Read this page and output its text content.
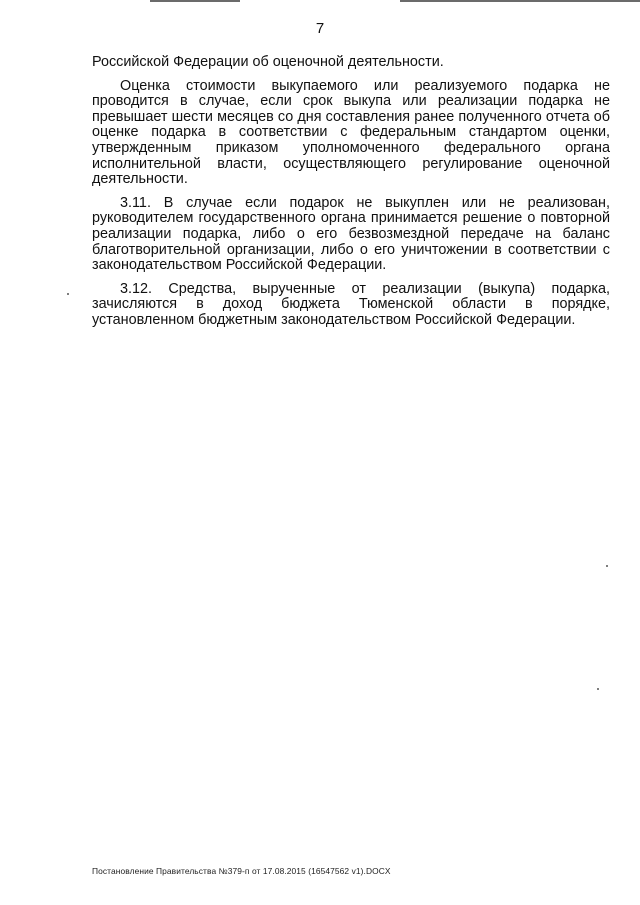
7

Российской Федерации об оценочной деятельности.

Оценка стоимости выкупаемого или реализуемого подарка не проводится в случае, если срок выкупа или реализации подарка не превышает шести месяцев со дня составления ранее полученного отчета об оценке подарка в соответствии с федеральным стандартом оценки, утвержденным приказом уполномоченного федерального органа исполнительной власти, осуществляющего регулирование оценочной деятельности.

3.11. В случае если подарок не выкуплен или не реализован, руководителем государственного органа принимается решение о повторной реализации подарка, либо о его безвозмездной передаче на баланс благотворительной организации, либо о его уничтожении в соответствии с законодательством Российской Федерации.

3.12. Средства, вырученные от реализации (выкупа) подарка, зачисляются в доход бюджета Тюменской области в порядке, установленном бюджетным законодательством Российской Федерации.

Постановление Правительства №379-п от 17.08.2015 (16547562 v1).DOCX
